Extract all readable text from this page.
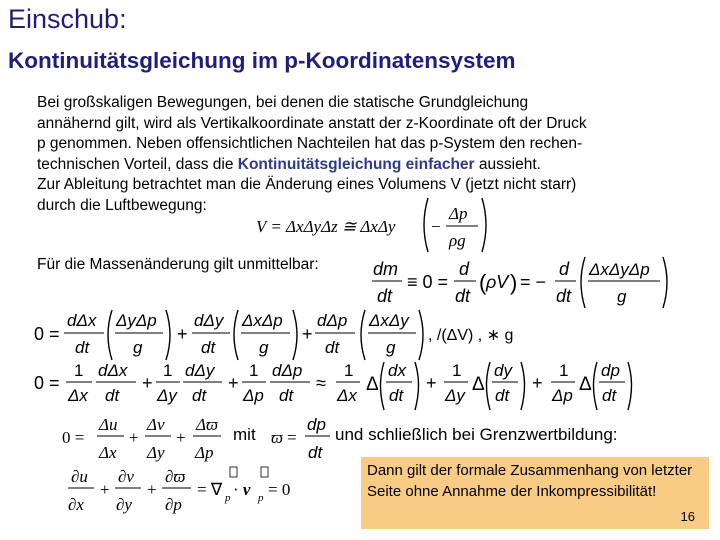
Einschub:
Kontinuitätsgleichung im p-Koordinatensystem

Bei großskaligen Bewegungen, bei denen die statische Grundgleichung

annähernd gilt, wird als Vertikalkoordinate anstatt der z-Koordinate oft der Druck

p genommen. Neben offensichtlichen Nachteilen hat das p-System den rechen-

technischen Vorteil, dass die Kontinuitätsgleichung einfacher aussieht.

Zur Ableitung betrachtet man die Änderung eines Volumens V (jetzt nicht starr)

durch die Luftbewegung:

Für die Massenänderung gilt unmittelbar:
V = ΔxΔyΔz ≅ ΔxΔy −
Δp
ρg
dm
dt
≡ 0 =
d
dt
( ρV ) = −
d
dt
ΔxΔyΔp
g
0 =
dΔx
dt
ΔyΔp
g
+
dΔy
dt
ΔxΔp
g
+
dΔp
dt
ΔxΔy
g
, /(ΔV) , ∗ g
0 =
1
Δx
dΔx
dt
+
1
Δy
dΔy
dt
+
1
Δp
dΔp
dt
≈
1
Δx
Δ
dx
dt
+
1
Δy
Δ
dy
dt
+
1
Δp
Δ
dp
dt
0 =
Δu
Δx
+
Δv
Δy
+
Δϖ
Δp
ϖ =
dp
dt
∂u
∂x
+
∂v
∂y
+
∂ϖ
∂p
= ∇ p · v p = 0
mit	und schließlich bei Grenzwertbildung:
Dann gilt der formale Zusammenhang von letzter Seite ohne Annahme der Inkompressibilität!
16
